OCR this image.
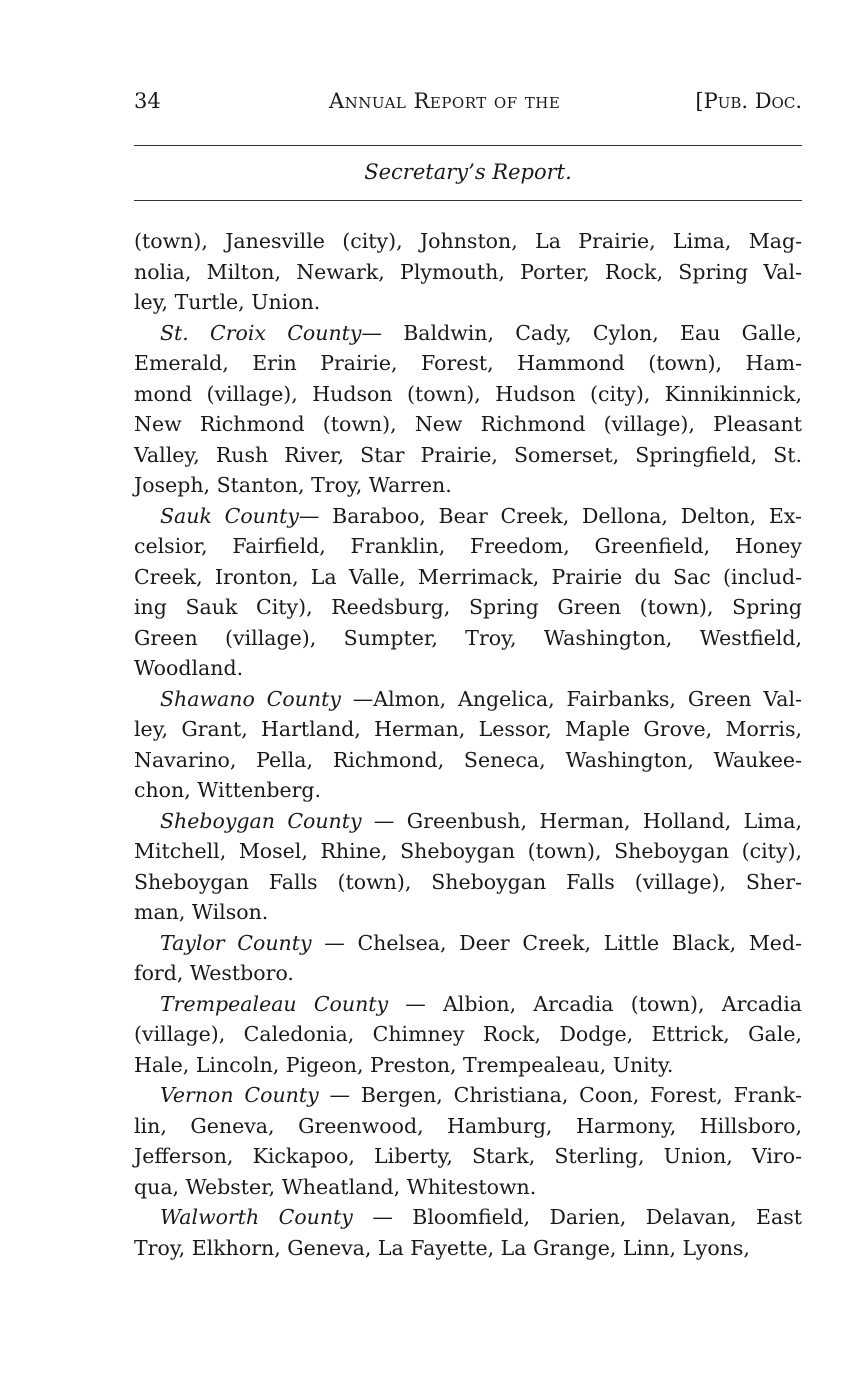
34	Annual Report of the	[Pub. Doc.
Secretary’s Report.
(town), Janesville (city), Johnston, La Prairie, Lima, Mag-
nolia, Milton, Newark, Plymouth, Porter, Rock, Spring Val-
ley, Turtle, Union.
St. Croix County— Baldwin, Cady, Cylon, Eau Galle,
Emerald, Erin Prairie, Forest, Hammond (town), Ham-
mond (village), Hudson (town), Hudson (city), Kinnikinnick,
New Richmond (town), New Richmond (village), Pleasant
Valley, Rush River, Star Prairie, Somerset, Springfield, St.
Joseph, Stanton, Troy, Warren.
Sauk County— Baraboo, Bear Creek, Dellona, Delton, Ex-
celsior, Fairfield, Franklin, Freedom, Greenfield, Honey
Creek, Ironton, La Valle, Merrimack, Prairie du Sac (includ-
ing Sauk City), Reedsburg, Spring Green (town), Spring
Green (village), Sumpter, Troy, Washington, Westfield,
Woodland.
Shawano County —Almon, Angelica, Fairbanks, Green Val-
ley, Grant, Hartland, Herman, Lessor, Maple Grove, Morris,
Navarino, Pella, Richmond, Seneca, Washington, Waukee-
chon, Wittenberg.
Sheboygan County — Greenbush, Herman, Holland, Lima,
Mitchell, Mosel, Rhine, Sheboygan (town), Sheboygan (city),
Sheboygan Falls (town), Sheboygan Falls (village), Sher-
man, Wilson.
Taylor County — Chelsea, Deer Creek, Little Black, Med-
ford, Westboro.
Trempealeau County — Albion, Arcadia (town), Arcadia
(village), Caledonia, Chimney Rock, Dodge, Ettrick, Gale,
Hale, Lincoln, Pigeon, Preston, Trempealeau, Unity.
Vernon County — Bergen, Christiana, Coon, Forest, Frank-
lin, Geneva, Greenwood, Hamburg, Harmony, Hillsboro,
Jefferson, Kickapoo, Liberty, Stark, Sterling, Union, Viro-
qua, Webster, Wheatland, Whitestown.
Walworth County — Bloomfield, Darien, Delavan, East
Troy, Elkhorn, Geneva, La Fayette, La Grange, Linn, Lyons,
